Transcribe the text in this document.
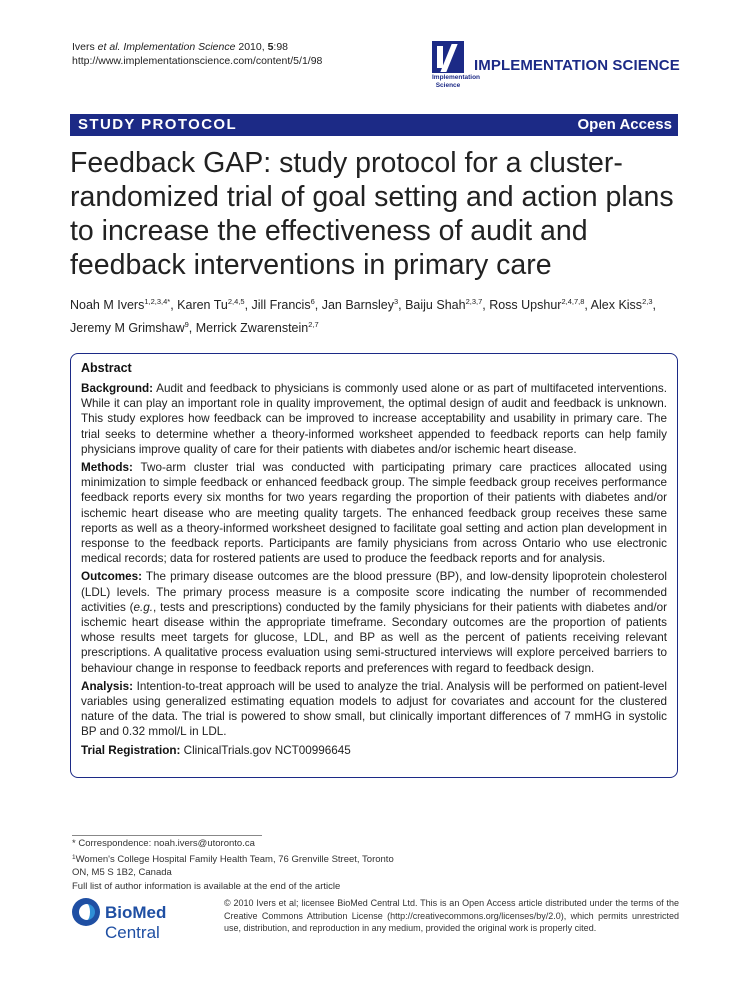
Ivers et al. Implementation Science 2010, 5:98
http://www.implementationscience.com/content/5/1/98	IMPLEMENTATION SCIENCE
Implementation
Science
STUDY PROTOCOL	Open Access
Feedback GAP: study protocol for a cluster-randomized trial of goal setting and action plans to increase the effectiveness of audit and feedback interventions in primary care
Noah M Ivers$^{1,2,3,4*}$, Karen Tu$^{2,4,5}$, Jill Francis$^6$, Jan Barnsley$^3$, Baiju Shah$^{2,3,7}$, Ross Upshur$^{2,4,7,8}$, Alex Kiss$^{2,3}$,
Jeremy M Grimshaw$^9$, Merrick Zwarenstein$^{2,7}$
Abstract

Background: Audit and feedback to physicians is commonly used alone or as part of multifaceted interventions. While it can play an important role in quality improvement, the optimal design of audit and feedback is unknown. This study explores how feedback can be improved to increase acceptability and usability in primary care. The trial seeks to determine whether a theory-informed worksheet appended to feedback reports can help family physicians improve quality of care for their patients with diabetes and/or ischemic heart disease.

Methods: Two-arm cluster trial was conducted with participating primary care practices allocated using minimization to simple feedback or enhanced feedback group. The simple feedback group receives performance feedback reports every six months for two years regarding the proportion of their patients with diabetes and/or ischemic heart disease who are meeting quality targets. The enhanced feedback group receives these same reports as well as a theory-informed worksheet designed to facilitate goal setting and action plan development in response to the feedback reports. Participants are family physicians from across Ontario who use electronic medical records; data for rostered patients are used to produce the feedback reports and for analysis.

Outcomes: The primary disease outcomes are the blood pressure (BP), and low-density lipoprotein cholesterol (LDL) levels. The primary process measure is a composite score indicating the number of recommended activities (e.g., tests and prescriptions) conducted by the family physicians for their patients with diabetes and/or ischemic heart disease within the appropriate timeframe. Secondary outcomes are the proportion of patients whose results meet targets for glucose, LDL, and BP as well as the percent of patients receiving relevant prescriptions. A qualitative process evaluation using semi-structured interviews will explore perceived barriers to behaviour change in response to feedback reports and preferences with regard to feedback design.

Analysis: Intention-to-treat approach will be used to analyze the trial. Analysis will be performed on patient-level variables using generalized estimating equation models to adjust for covariates and account for the clustered nature of the data. The trial is powered to show small, but clinically important differences of 7 mmHG in systolic BP and 0.32 mmol/L in LDL.

Trial Registration: ClinicalTrials.gov NCT00996645

* Correspondence: noah.ivers@utoronto.ca
$^1$Women's College Hospital Family Health Team, 76 Grenville Street, Toronto
ON, M5 S 1B2, Canada
Full list of author information is available at the end of the article
BioMed Central
© 2010 Ivers et al; licensee BioMed Central Ltd. This is an Open Access article distributed under the terms of the Creative Commons Attribution License (http://creativecommons.org/licenses/by/2.0), which permits unrestricted use, distribution, and reproduction in any medium, provided the original work is properly cited.
